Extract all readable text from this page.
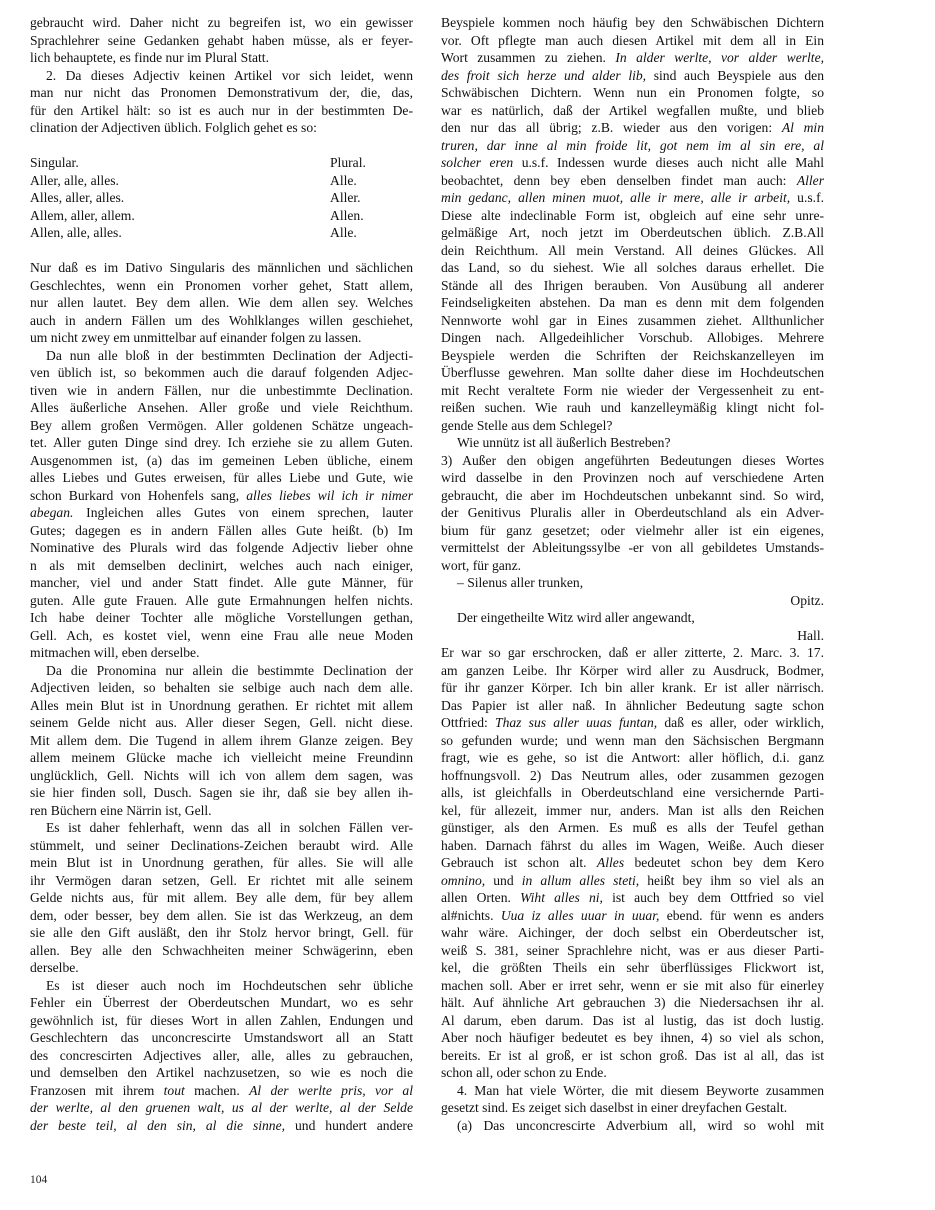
gebraucht wird. Daher nicht zu begreifen ist, wo ein gewisser
Sprachlehrer seine Gedanken gehabt haben müsse, als er feyer-
lich behauptete, es finde nur im Plural Statt.
2. Da dieses Adjectiv keinen Artikel vor sich leidet, wenn
man nur nicht das Pronomen Demonstrativum der, die, das,
für den Artikel hält: so ist es auch nur in der bestimmten De-
clination der Adjectiven üblich. Folglich gehet es so:
Singular.	Plural.
Aller, alle, alles.	Alle.
Alles, aller, alles.	Aller.
Allem, aller, allem.	Allen.
Allen, alle, alles.	Alle.
Nur daß es im Dativo Singularis des männlichen und sächlichen
Geschlechtes, wenn ein Pronomen vorher gehet, Statt allem,
nur allen lautet. Bey dem allen. Wie dem allen sey. Welches
auch in andern Fällen um des Wohlklanges willen geschiehet,
um nicht zwey em unmittelbar auf einander folgen zu lassen.
Da nun alle bloß in der bestimmten Declination der Adjecti-
ven üblich ist, so bekommen auch die darauf folgenden Adjec-
tiven wie in andern Fällen, nur die unbestimmte Declination.
Alles äußerliche Ansehen. Aller große und viele Reichthum.
Bey allem großen Vermögen. Aller goldenen Schätze ungeach-
tet. Aller guten Dinge sind drey. Ich erziehe sie zu allem Guten.
Ausgenommen ist, (a) das im gemeinen Leben übliche, einem
alles Liebes und Gutes erweisen, für alles Liebe und Gute, wie
schon Burkard von Hohenfels sang, alles liebes wil ich ir nimer
abegan. Ingleichen alles Gutes von einem sprechen, lauter
Gutes; dagegen es in andern Fällen alles Gute heißt. (b) Im
Nominative des Plurals wird das folgende Adjectiv lieber ohne
n als mit demselben declinirt, welches auch nach einiger,
mancher, viel und ander Statt findet. Alle gute Männer, für
guten. Alle gute Frauen. Alle gute Ermahnungen helfen nichts.
Ich habe deiner Tochter alle mögliche Vorstellungen gethan,
Gell. Ach, es kostet viel, wenn eine Frau alle neue Moden
mitmachen will, eben derselbe.
Da die Pronomina nur allein die bestimmte Declination der
Adjectiven leiden, so behalten sie selbige auch nach dem alle.
Alles mein Blut ist in Unordnung gerathen. Er richtet mit allem
seinem Gelde nicht aus. Aller dieser Segen, Gell. nicht diese.
Mit allem dem. Die Tugend in allem ihrem Glanze zeigen. Bey
allem meinem Glücke mache ich vielleicht meine Freundinn
unglücklich, Gell. Nichts will ich von allem dem sagen, was
sie hier finden soll, Dusch. Sagen sie ihr, daß sie bey allen ih-
ren Büchern eine Närrin ist, Gell.
Es ist daher fehlerhaft, wenn das all in solchen Fällen ver-
stümmelt, und seiner Declinations-Zeichen beraubt wird. Alle
mein Blut ist in Unordnung gerathen, für alles. Sie will alle
ihr Vermögen daran setzen, Gell. Er richtet mit alle seinem
Gelde nichts aus, für mit allem. Bey alle dem, für bey allem
dem, oder besser, bey dem allen. Sie ist das Werkzeug, an dem
sie alle den Gift ausläßt, den ihr Stolz hervor bringt, Gell. für
allen. Bey alle den Schwachheiten meiner Schwägerinn, eben
derselbe.
Es ist dieser auch noch im Hochdeutschen sehr übliche
Fehler ein Überrest der Oberdeutschen Mundart, wo es sehr
gewöhnlich ist, für dieses Wort in allen Zahlen, Endungen und
Geschlechtern das unconcrescirte Umstandswort all an Statt
des concrescirten Adjectives aller, alle, alles zu gebrauchen,
und demselben den Artikel nachzusetzen, so wie es noch die
Franzosen mit ihrem tout machen. Al der werlte pris, vor al
der werlte, al den gruenen walt, us al der werlte, al der Selde
der beste teil, al den sin, al die sinne, und hundert andere
Beyspiele kommen noch häufig bey den Schwäbischen Dichtern
vor. Oft pflegte man auch diesen Artikel mit dem all in Ein
Wort zusammen zu ziehen. In alder werlte, vor alder werlte,
des froit sich herze und alder lib, sind auch Beyspiele aus den
Schwäbischen Dichtern. Wenn nun ein Pronomen folgte, so
war es natürlich, daß der Artikel wegfallen mußte, und blieb
den nur das all übrig; z.B. wieder aus den vorigen: Al min
truren, dar inne al min froide lit, got nem im al sin ere, al
solcher eren u.s.f. Indessen wurde dieses auch nicht alle Mahl
beobachtet, denn bey eben denselben findet man auch: Aller
min gedanc, allen minen muot, alle ir mere, alle ir arbeit, u.s.f.
Diese alte indeclinable Form ist, obgleich auf eine sehr unre-
gelmäßige Art, noch jetzt im Oberdeutschen üblich. Z.B.All
dein Reichthum. All mein Verstand. All deines Glückes. All
das Land, so du siehest. Wie all solches daraus erhellet. Die
Stände all des Ihrigen berauben. Von Ausübung all anderer
Feindseligkeiten abstehen. Da man es denn mit dem folgenden
Nennworte wohl gar in Eines zusammen ziehet. Allthunlicher
Dingen nach. Allgedeihlicher Vorschub. Allobiges. Mehrere
Beyspiele werden die Schriften der Reichskanzelleyen im
Überflusse gewehren. Man sollte daher diese im Hochdeutschen
mit Recht veraltete Form nie wieder der Vergessenheit zu ent-
reißen suchen. Wie rauh und kanzelleymäßig klingt nicht fol-
gende Stelle aus dem Schlegel?
Wie unnütz ist all äußerlich Bestreben?
3) Außer den obigen angeführten Bedeutungen dieses Wortes
wird dasselbe in den Provinzen noch auf verschiedene Arten
gebraucht, die aber im Hochdeutschen unbekannt sind. So wird,
der Genitivus Pluralis aller in Oberdeutschland als ein Adver-
bium für ganz gesetzet; oder vielmehr aller ist ein eigenes,
vermittelst der Ableitungssylbe -er von all gebildetes Umstands-
wort, für ganz.
– Silenus aller trunken,
Opitz.
Der eingetheilte Witz wird aller angewandt,
Hall.
Er war so gar erschrocken, daß er aller zitterte, 2. Marc. 3. 17.
am ganzen Leibe. Ihr Körper wird aller zu Ausdruck, Bodmer,
für ihr ganzer Körper. Ich bin aller krank. Er ist aller närrisch.
Das Papier ist aller naß. In ähnlicher Bedeutung sagte schon
Ottfried: Thaz sus aller uuas funtan, daß es aller, oder wirklich,
so gefunden wurde; und wenn man den Sächsischen Bergmann
fragt, wie es gehe, so ist die Antwort: aller höflich, d.i. ganz
hoffnungsvoll. 2) Das Neutrum alles, oder zusammen gezogen
alls, ist gleichfalls in Oberdeutschland eine versichernde Parti-
kel, für allezeit, immer nur, anders. Man ist alls den Reichen
günstiger, als den Armen. Es muß es alls der Teufel gethan
haben. Darnach fährst du alles im Wagen, Weiße. Auch dieser
Gebrauch ist schon alt. Alles bedeutet schon bey dem Kero
omnino, und in allum alles steti, heißt bey ihm so viel als an
allen Orten. Wiht alles ni, ist auch bey dem Ottfried so viel
al#nichts. Uua iz alles uuar in uuar, ebend. für wenn es anders
wahr wäre. Aichinger, der doch selbst ein Oberdeutscher ist,
weiß S. 381, seiner Sprachlehre nicht, was er aus dieser Parti-
kel, die größten Theils ein sehr überflüssiges Flickwort ist,
machen soll. Aber er irret sehr, wenn er sie mit also für einerley
hält. Auf ähnliche Art gebrauchen 3) die Niedersachsen ihr al.
Al darum, eben darum. Das ist al lustig, das ist doch lustig.
Aber noch häufiger bedeutet es bey ihnen, 4) so viel als schon,
bereits. Er ist al groß, er ist schon groß. Das ist al all, das ist
schon all, oder schon zu Ende.
4. Man hat viele Wörter, die mit diesem Beyworte zusammen
gesetzt sind. Es zeiget sich daselbst in einer dreyfachen Gestalt.
(a) Das unconcrescirte Adverbium all, wird so wohl mit
104
